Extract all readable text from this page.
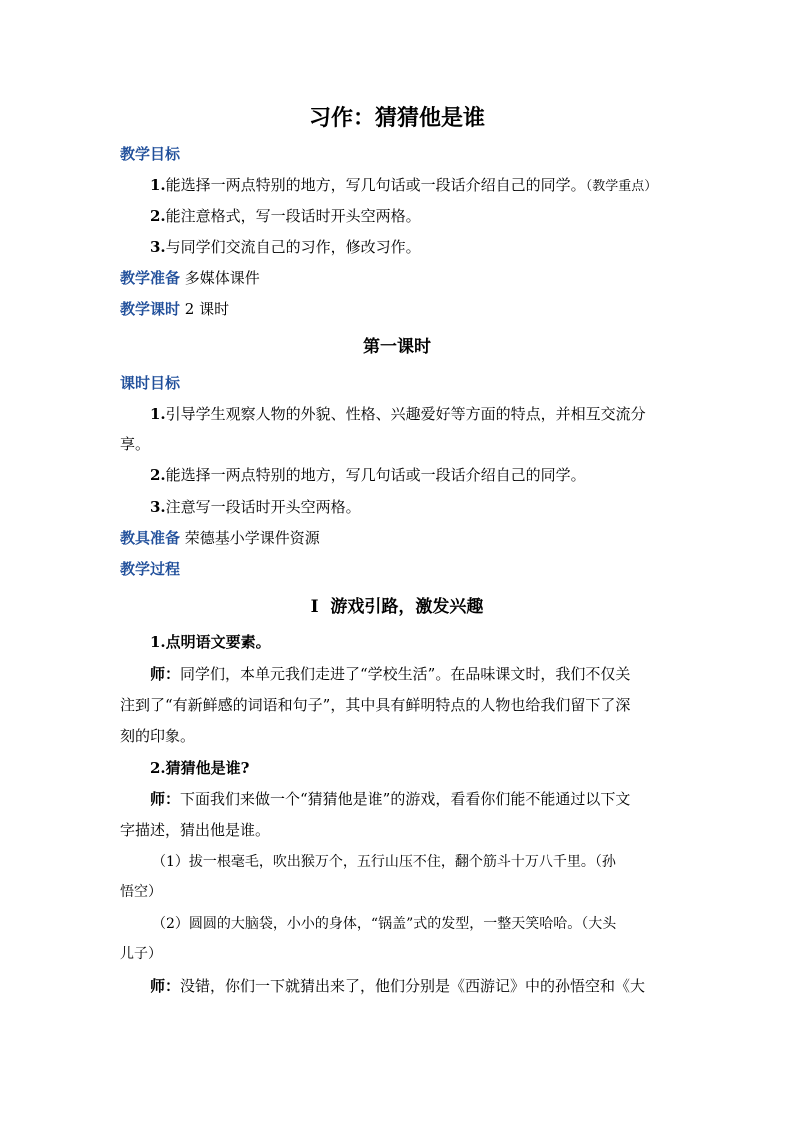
习作：猜猜他是谁
教学目标
1.能选择一两点特别的地方，写几句话或一段话介绍自己的同学。（教学重点）
2.能注意格式，写一段话时开头空两格。
3.与同学们交流自己的习作，修改习作。
教学准备 多媒体课件
教学课时 2 课时
第一课时
课时目标
1.引导学生观察人物的外貌、性格、兴趣爱好等方面的特点，并相互交流分
享。
2.能选择一两点特别的地方，写几句话或一段话介绍自己的同学。
3.注意写一段话时开头空两格。
教具准备 荣德基小学课件资源
教学过程
Ⅰ 游戏引路，激发兴趣
1.点明语文要素。
师：同学们，本单元我们走进了“学校生活”。在品味课文时，我们不仅关
注到了“有新鲜感的词语和句子”，其中具有鲜明特点的人物也给我们留下了深
刻的印象。
2.猜猜他是谁?
师：下面我们来做一个“猜猜他是谁”的游戏，看看你们能不能通过以下文
字描述，猜出他是谁。
（1）拔一根毫毛，吹出猴万个，五行山压不住，翻个筋斗十万八千里。（孙
悟空）
（2）圆圆的大脑袋，小小的身体，“锅盖”式的发型，一整天笑哈哈。（大头
儿子）
师：没错，你们一下就猜出来了，他们分别是《西游记》中的孙悟空和《大
